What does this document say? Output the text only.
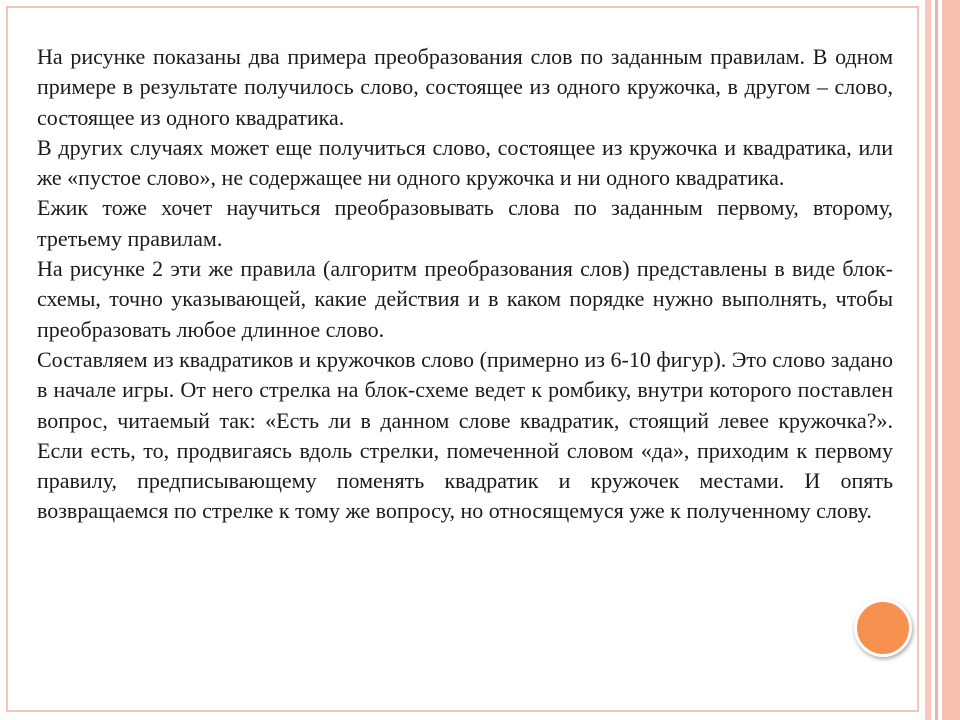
На рисунке показаны два примера преобразования слов по заданным правилам. В одном примере в результате получилось слово, состоящее из одного кружочка, в другом – слово, состоящее из одного квадратика.

В других случаях может еще получиться слово, состоящее из кружочка и квадратика, или же «пустое слово», не содержащее ни одного кружочка и ни одного квадратика.

Ежик тоже хочет научиться преобразовывать слова по заданным первому, второму, третьему правилам.

На рисунке 2 эти же правила (алгоритм преобразования слов) представлены в виде блок-схемы, точно указывающей, какие действия и в каком порядке нужно выполнять, чтобы преобразовать любое длинное слово.

Составляем из квадратиков и кружочков слово (примерно из 6-10 фигур). Это слово задано в начале игры. От него стрелка на блок-схеме ведет к ромбику, внутри которого поставлен вопрос, читаемый так: «Есть ли в данном слове квадратик, стоящий левее кружочка?». Если есть, то, продвигаясь вдоль стрелки, помеченной словом «да», приходим к первому правилу, предписывающему поменять квадратик и кружочек местами. И опять возвращаемся по стрелке к тому же вопросу, но относящемуся уже к полученному слову.
